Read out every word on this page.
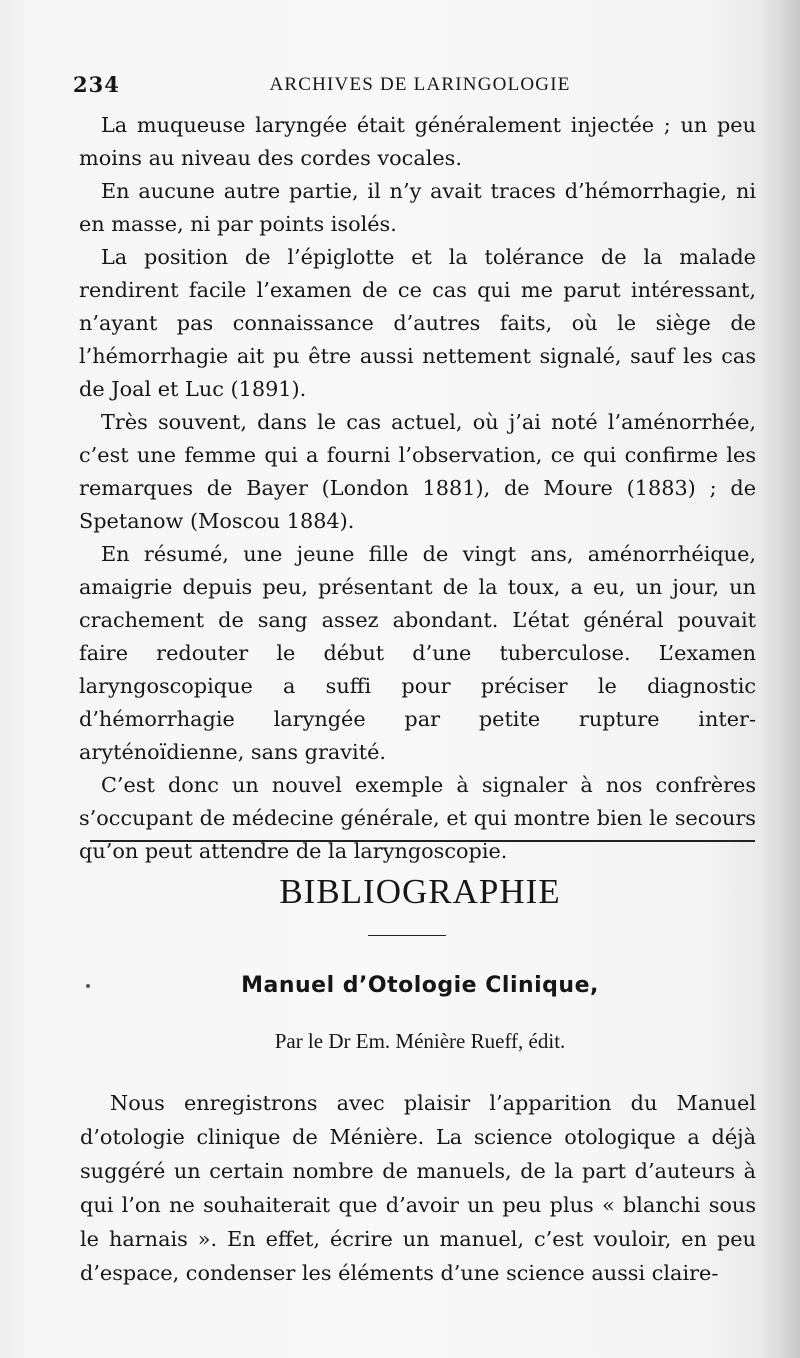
234	ARCHIVES DE LARINGOLOGIE

La muqueuse laryngée était généralement injectée ; un peu moins au niveau des cordes vocales.

En aucune autre partie, il n’y avait traces d’hémorrhagie, ni en masse, ni par points isolés.

La position de l’épiglotte et la tolérance de la malade rendirent facile l’examen de ce cas qui me parut intéressant, n’ayant pas connaissance d’autres faits, où le siège de l’hémorrhagie ait pu être aussi nettement signalé, sauf les cas de Joal et Luc (1891).

Très souvent, dans le cas actuel, où j’ai noté l’aménorrhée, c’est une femme qui a fourni l’observation, ce qui confirme les remarques de Bayer (London 1881), de Moure (1883) ; de Spetanow (Moscou 1884).

En résumé, une jeune fille de vingt ans, aménorrhéique, amaigrie depuis peu, présentant de la toux, a eu, un jour, un crachement de sang assez abondant. L’état général pouvait faire redouter le début d’une tuberculose. L’examen laryngoscopique a suffi pour préciser le diagnostic d’hémorrhagie laryngée par petite rupture inter-aryténoïdienne, sans gravité.

C’est donc un nouvel exemple à signaler à nos confrères s’occupant de médecine générale, et qui montre bien le secours qu’on peut attendre de la laryngoscopie.

BIBLIOGRAPHIE
Manuel d’Otologie Clinique,
Par le Dr Em. Ménière Rueff, édit.

Nous enregistrons avec plaisir l’apparition du Manuel d’otologie clinique de Ménière. La science otologique a déjà suggéré un certain nombre de manuels, de la part d’auteurs à qui l’on ne souhaiterait que d’avoir un peu plus « blanchi sous le harnais ». En effet, écrire un manuel, c’est vouloir, en peu d’espace, condenser les éléments d’une science aussi claire-
